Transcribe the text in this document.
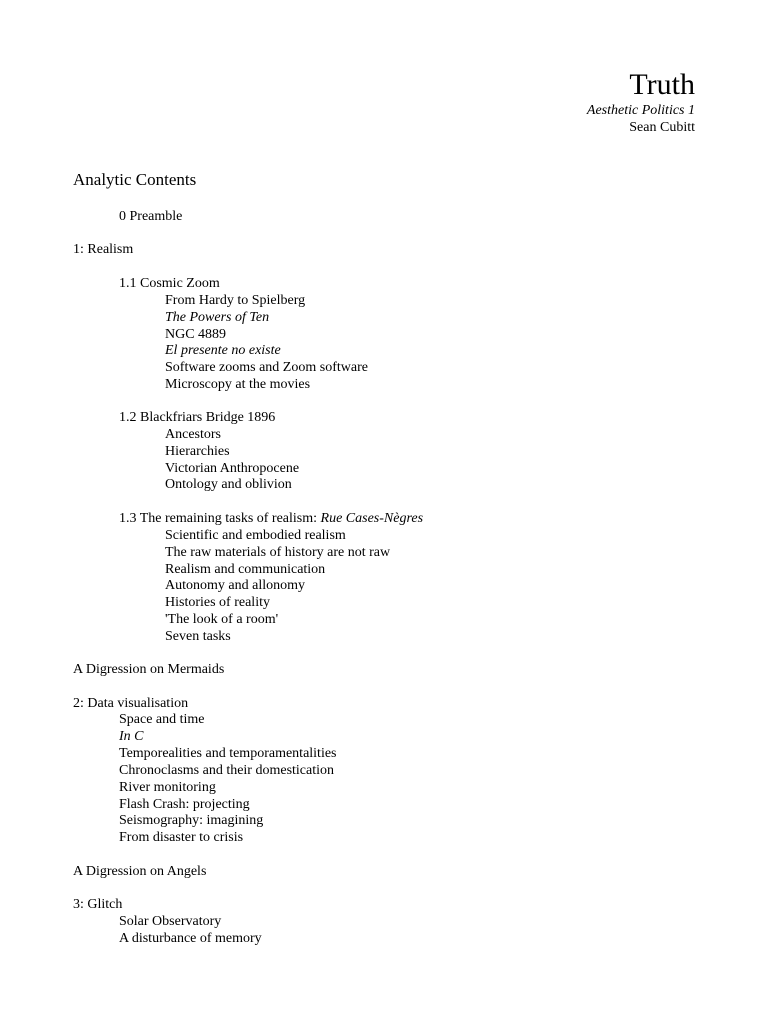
Truth
Aesthetic Politics 1
Sean Cubitt
Analytic Contents
0 Preamble
1: Realism
1.1 Cosmic Zoom
From Hardy to Spielberg
The Powers of Ten
NGC 4889
El presente no existe
Software zooms and Zoom software
Microscopy at the movies
1.2 Blackfriars Bridge 1896
Ancestors
Hierarchies
Victorian Anthropocene
Ontology and oblivion
1.3 The remaining tasks of realism: Rue Cases-Nègres
Scientific and embodied realism
The raw materials of history are not raw
Realism and communication
Autonomy and allonomy
Histories of reality
'The look of a room'
Seven tasks
A Digression on Mermaids
2: Data visualisation
Space and time
In C
Temporealities and temporamentalities
Chronoclasms and their domestication
River monitoring
Flash Crash: projecting
Seismography: imagining
From disaster to crisis
A Digression on Angels
3: Glitch
Solar Observatory
A disturbance of memory
